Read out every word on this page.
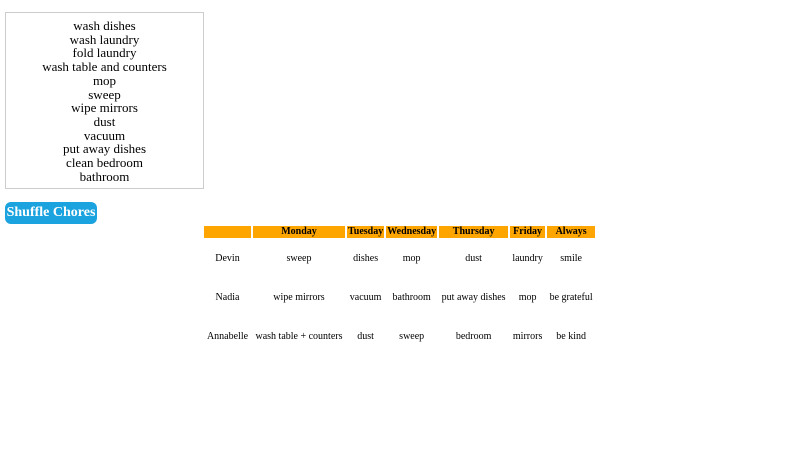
wash dishes
wash laundry
fold laundry
wash table and counters
mop
sweep
wipe mirrors
dust
vacuum
put away dishes
clean bedroom
bathroom
Shuffle Chores
	Monday	Tuesday	Wednesday	Thursday	Friday	Always
Devin	sweep	dishes	mop	dust	laundry	smile
Nadia	wipe mirrors	vacuum	bathroom	put away dishes	mop	be grateful
Annabelle	wash table + counters	dust	sweep	bedroom	mirrors	be kind
